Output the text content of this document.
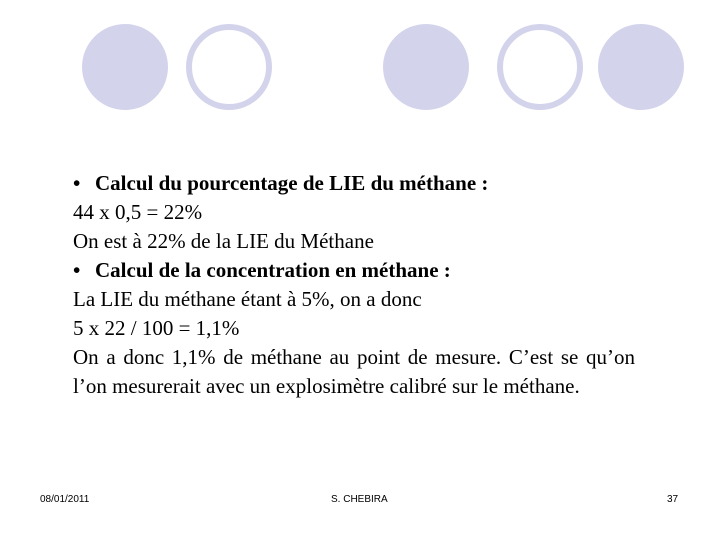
• Calcul du pourcentage de LIE du méthane :
44 x 0,5 = 22%
On est à 22% de la LIE du Méthane
• Calcul de la concentration en méthane :
La LIE du méthane étant à 5%, on a donc
5 x 22 / 100 = 1,1%
On a donc 1,1% de méthane au point de mesure. C’est se qu’on l’on mesurerait avec un explosimètre calibré sur le méthane.
08/01/2011	S. CHEBIRA	37
